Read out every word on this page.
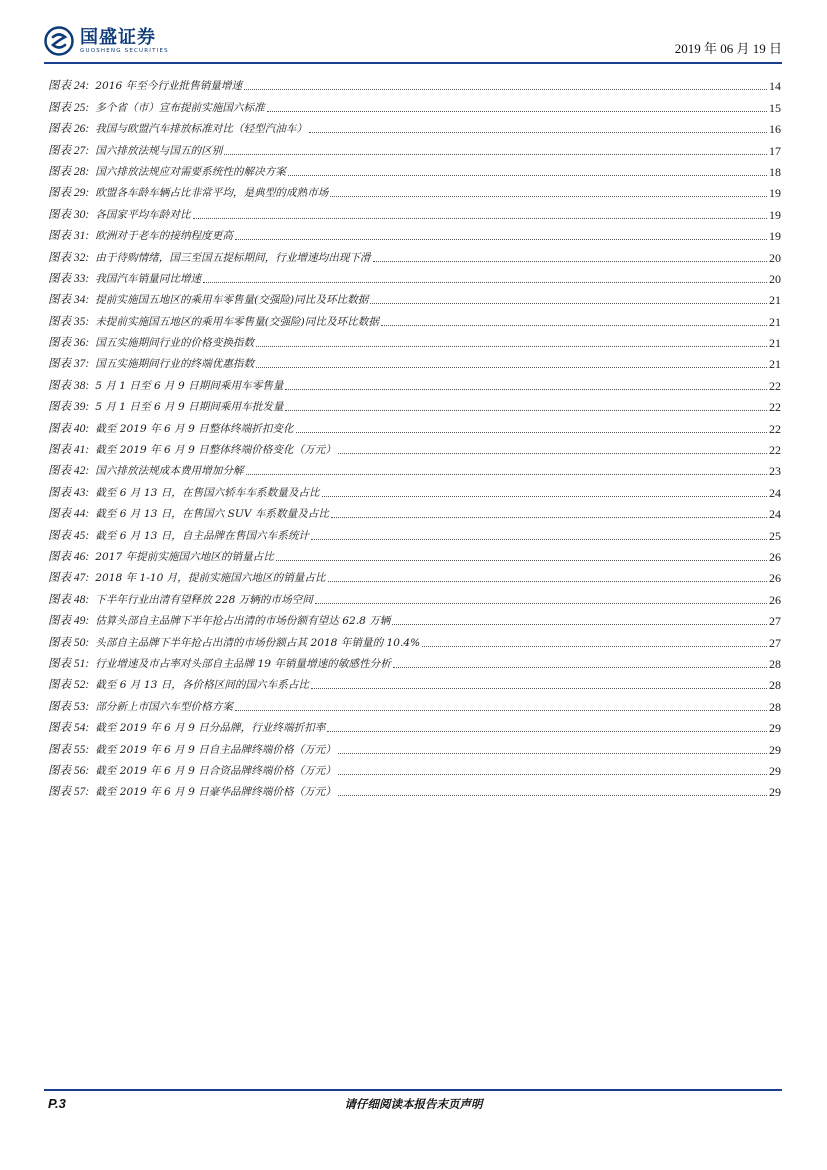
国盛证券
GUOSHENG SECURITIES	2019 年 06 月 19 日
图表 24: 2016 年至今行业批售销量增速	14
图表 25: 多个省（市）宣布提前实施国六标准	15
图表 26: 我国与欧盟汽车排放标准对比（轻型汽油车）	16
图表 27: 国六排放法规与国五的区别	17
图表 28: 国六排放法规应对需要系统性的解决方案	18
图表 29: 欧盟各车龄车辆占比非常平均，是典型的成熟市场	19
图表 30: 各国家平均车龄对比	19
图表 31: 欧洲对于老车的接纳程度更高	19
图表 32: 由于待购情绪，国三至国五提标期间，行业增速均出现下滑	20
图表 33: 我国汽车销量同比增速	20
图表 34: 提前实施国五地区的乘用车零售量(交强险)同比及环比数据	21
图表 35: 未提前实施国五地区的乘用车零售量(交强险)同比及环比数据	21
图表 36: 国五实施期间行业的价格变换指数	21
图表 37: 国五实施期间行业的终端优惠指数	21
图表 38: 5 月 1 日至 6 月 9 日期间乘用车零售量	22
图表 39: 5 月 1 日至 6 月 9 日期间乘用车批发量	22
图表 40: 截至 2019 年 6 月 9 日整体终端折扣变化	22
图表 41: 截至 2019 年 6 月 9 日整体终端价格变化（万元）	22
图表 42: 国六排放法规成本费用增加分解	23
图表 43: 截至 6 月 13 日，在售国六轿车车系数量及占比	24
图表 44: 截至 6 月 13 日，在售国六 SUV 车系数量及占比	24
图表 45: 截至 6 月 13 日，自主品牌在售国六车系统计	25
图表 46: 2017 年提前实施国六地区的销量占比	26
图表 47: 2018 年 1-10 月，提前实施国六地区的销量占比	26
图表 48: 下半年行业出清有望释放 228 万辆的市场空间	26
图表 49: 估算头部自主品牌下半年抢占出清的市场份额有望达 62.8 万辆	27
图表 50: 头部自主品牌下半年抢占出清的市场份额占其 2018 年销量的 10.4%	27
图表 51: 行业增速及市占率对头部自主品牌 19 年销量增速的敏感性分析	28
图表 52: 截至 6 月 13 日，各价格区间的国六车系占比	28
图表 53: 部分新上市国六车型价格方案	28
图表 54: 截至 2019 年 6 月 9 日分品牌，行业终端折扣率	29
图表 55: 截至 2019 年 6 月 9 日自主品牌终端价格（万元）	29
图表 56: 截至 2019 年 6 月 9 日合资品牌终端价格（万元）	29
图表 57: 截至 2019 年 6 月 9 日豪华品牌终端价格（万元）	29
P.3	请仔细阅读本报告末页声明
